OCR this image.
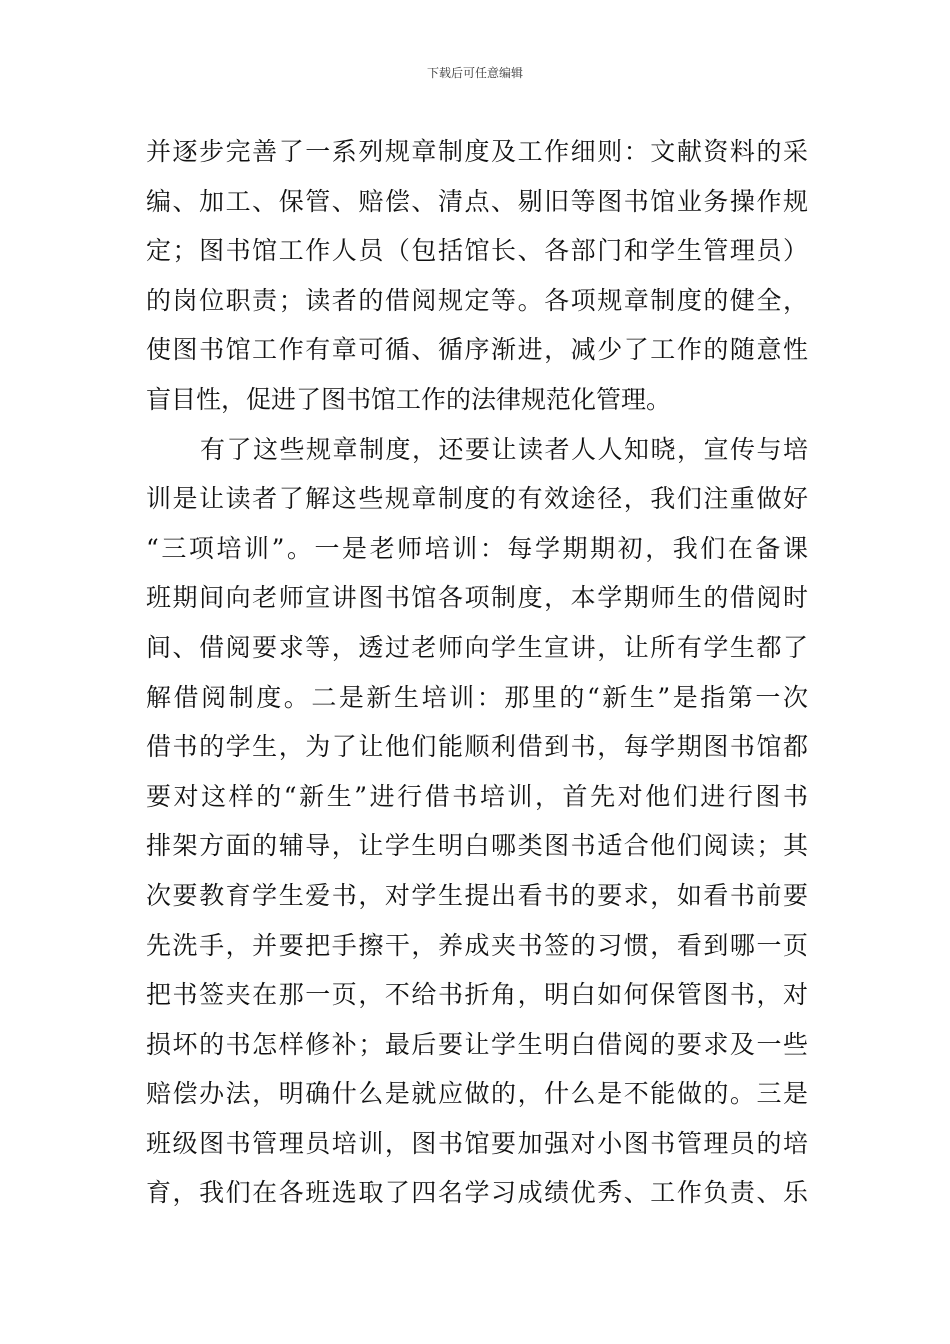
下载后可任意编辑
并逐步完善了一系列规章制度及工作细则：文献资料的采
编、加工、保管、赔偿、清点、剔旧等图书馆业务操作规
定；图书馆工作人员（包括馆长、各部门和学生管理员）
的岗位职责；读者的借阅规定等。各项规章制度的健全，
使图书馆工作有章可循、循序渐进，减少了工作的随意性
盲目性，促进了图书馆工作的法律规范化管理。
有了这些规章制度，还要让读者人人知晓，宣传与培
训是让读者了解这些规章制度的有效途径，我们注重做好
“三项培训”。一是老师培训：每学期期初，我们在备课
班期间向老师宣讲图书馆各项制度，本学期师生的借阅时
间、借阅要求等，透过老师向学生宣讲，让所有学生都了
解借阅制度。二是新生培训：那里的“新生”是指第一次
借书的学生，为了让他们能顺利借到书，每学期图书馆都
要对这样的“新生”进行借书培训，首先对他们进行图书
排架方面的辅导，让学生明白哪类图书适合他们阅读；其
次要教育学生爱书，对学生提出看书的要求，如看书前要
先洗手，并要把手擦干，养成夹书签的习惯，看到哪一页
把书签夹在那一页，不给书折角，明白如何保管图书，对
损坏的书怎样修补；最后要让学生明白借阅的要求及一些
赔偿办法，明确什么是就应做的，什么是不能做的。三是
班级图书管理员培训，图书馆要加强对小图书管理员的培
育，我们在各班选取了四名学习成绩优秀、工作负责、乐
